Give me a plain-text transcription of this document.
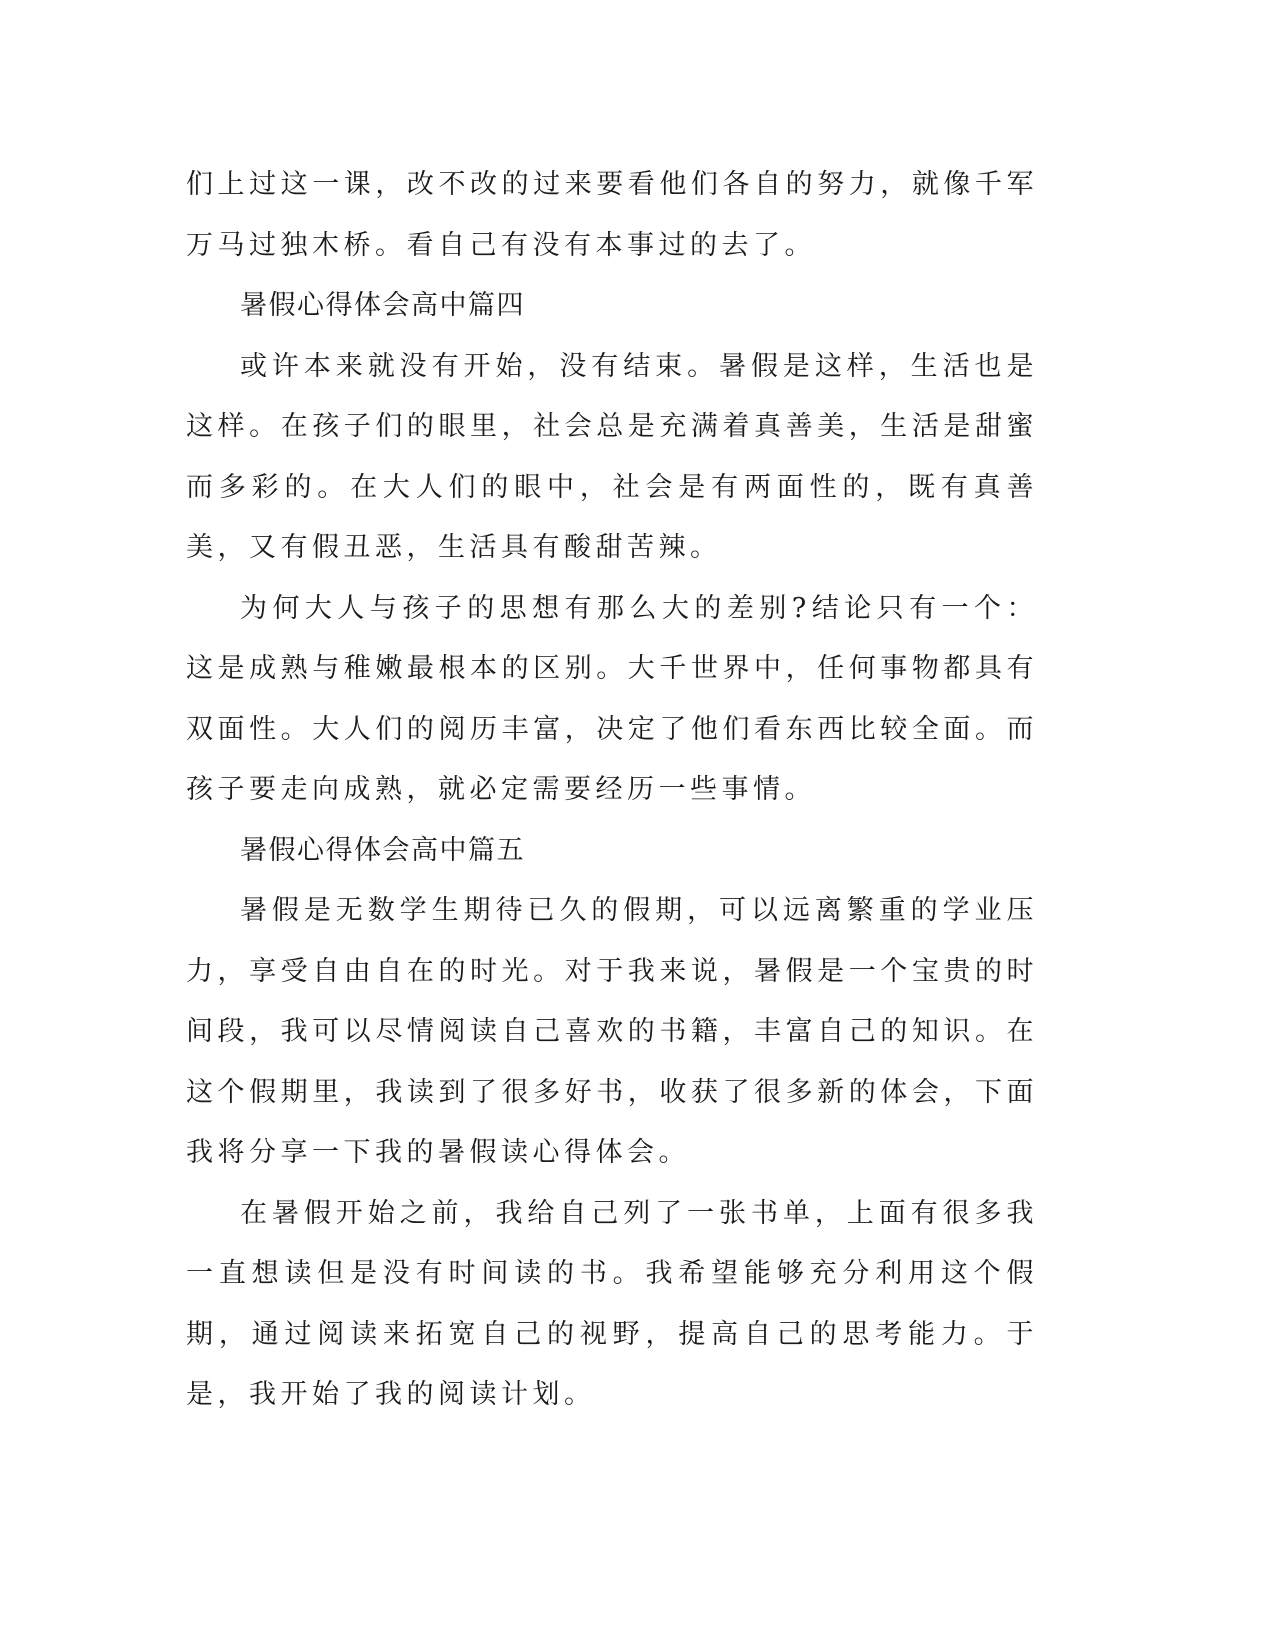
们上过这一课，改不改的过来要看他们各自的努力，就像千军万马过独木桥。看自己有没有本事过的去了。

暑假心得体会高中篇四

或许本来就没有开始，没有结束。暑假是这样，生活也是这样。在孩子们的眼里，社会总是充满着真善美，生活是甜蜜而多彩的。在大人们的眼中，社会是有两面性的，既有真善美，又有假丑恶，生活具有酸甜苦辣。

为何大人与孩子的思想有那么大的差别?结论只有一个：这是成熟与稚嫩最根本的区别。大千世界中，任何事物都具有双面性。大人们的阅历丰富，决定了他们看东西比较全面。而孩子要走向成熟，就必定需要经历一些事情。

暑假心得体会高中篇五

暑假是无数学生期待已久的假期，可以远离繁重的学业压力，享受自由自在的时光。对于我来说，暑假是一个宝贵的时间段，我可以尽情阅读自己喜欢的书籍，丰富自己的知识。在这个假期里，我读到了很多好书，收获了很多新的体会，下面我将分享一下我的暑假读心得体会。

在暑假开始之前，我给自己列了一张书单，上面有很多我一直想读但是没有时间读的书。我希望能够充分利用这个假期，通过阅读来拓宽自己的视野，提高自己的思考能力。于是，我开始了我的阅读计划。
